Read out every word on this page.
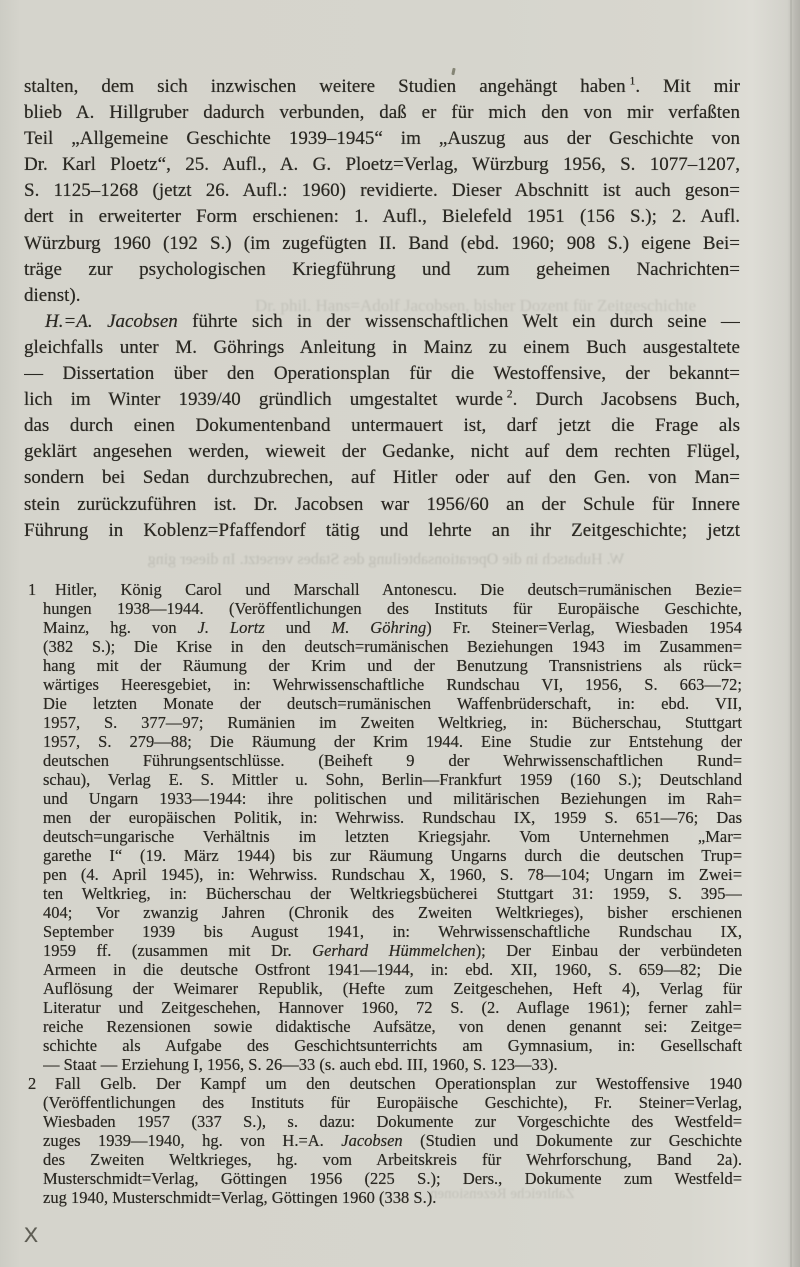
Dr. phil. Hans=Adolf Jacobsen, bisher Dozent für Zeitgeschichte
W. Hubatsch in die Operationsabteilung des Stabes versetzt. In dieser ging
Zahlreiche Rezensionen
stalten, dem sich inzwischen weitere Studien angehängt haben $^1$. Mit mir
blieb A. Hillgruber dadurch verbunden, daß er für mich den von mir verfaßten
Teil „Allgemeine Geschichte 1939–1945“ im „Auszug aus der Geschichte von
Dr. Karl Ploetz“, 25. Aufl., A. G. Ploetz=Verlag, Würzburg 1956, S. 1077–1207,
S. 1125–1268 (jetzt 26. Aufl.: 1960) revidierte. Dieser Abschnitt ist auch geson=
dert in erweiterter Form erschienen: 1. Aufl., Bielefeld 1951 (156 S.); 2. Aufl.
Würzburg 1960 (192 S.) (im zugefügten II. Band (ebd. 1960; 908 S.) eigene Bei=
träge zur psychologischen Kriegführung und zum geheimen Nachrichten=
dienst).
H.=A. Jacobsen führte sich in der wissenschaftlichen Welt ein durch seine —
gleichfalls unter M. Göhrings Anleitung in Mainz zu einem Buch ausgestaltete
— Dissertation über den Operationsplan für die Westoffensive, der bekannt=
lich im Winter 1939/40 gründlich umgestaltet wurde $^2$. Durch Jacobsens Buch,
das durch einen Dokumentenband untermauert ist, darf jetzt die Frage als
geklärt angesehen werden, wieweit der Gedanke, nicht auf dem rechten Flügel,
sondern bei Sedan durchzubrechen, auf Hitler oder auf den Gen. von Man=
stein zurückzuführen ist. Dr. Jacobsen war 1956/60 an der Schule für Innere
Führung in Koblenz=Pfaffendorf tätig und lehrte an ihr Zeitgeschichte; jetzt
1	Hitler, König Carol und Marschall Antonescu. Die deutsch=rumänischen Bezie=
hungen 1938—1944. (Veröffentlichungen des Instituts für Europäische Geschichte,
Mainz, hg. von J. Lortz und M. Göhring) Fr. Steiner=Verlag, Wiesbaden 1954
(382 S.); Die Krise in den deutsch=rumänischen Beziehungen 1943 im Zusammen=
hang mit der Räumung der Krim und der Benutzung Transnistriens als rück=
wärtiges Heeresgebiet, in: Wehrwissenschaftliche Rundschau VI, 1956, S. 663—72;
Die letzten Monate der deutsch=rumänischen Waffenbrüderschaft, in: ebd. VII,
1957, S. 377—97; Rumänien im Zweiten Weltkrieg, in: Bücherschau, Stuttgart
1957, S. 279—88; Die Räumung der Krim 1944. Eine Studie zur Entstehung der
deutschen Führungsentschlüsse. (Beiheft 9 der Wehrwissenschaftlichen Rund=
schau), Verlag E. S. Mittler u. Sohn, Berlin—Frankfurt 1959 (160 S.); Deutschland
und Ungarn 1933—1944: ihre politischen und militärischen Beziehungen im Rah=
men der europäischen Politik, in: Wehrwiss. Rundschau IX, 1959 S. 651—76; Das
deutsch=ungarische Verhältnis im letzten Kriegsjahr. Vom Unternehmen „Mar=
garethe I“ (19. März 1944) bis zur Räumung Ungarns durch die deutschen Trup=
pen (4. April 1945), in: Wehrwiss. Rundschau X, 1960, S. 78—104; Ungarn im Zwei=
ten Weltkrieg, in: Bücherschau der Weltkriegsbücherei Stuttgart 31: 1959, S. 395—
404; Vor zwanzig Jahren (Chronik des Zweiten Weltkrieges), bisher erschienen
September 1939 bis August 1941, in: Wehrwissenschaftliche Rundschau IX,
1959 ff. (zusammen mit Dr. Gerhard Hümmelchen); Der Einbau der verbündeten
Armeen in die deutsche Ostfront 1941—1944, in: ebd. XII, 1960, S. 659—82; Die
Auflösung der Weimarer Republik, (Hefte zum Zeitgeschehen, Heft 4), Verlag für
Literatur und Zeitgeschehen, Hannover 1960, 72 S. (2. Auflage 1961); ferner zahl=
reiche Rezensionen sowie didaktische Aufsätze, von denen genannt sei: Zeitge=
schichte als Aufgabe des Geschichtsunterrichts am Gymnasium, in: Gesellschaft
— Staat — Erziehung I, 1956, S. 26—33 (s. auch ebd. III, 1960, S. 123—33).
2	Fall Gelb. Der Kampf um den deutschen Operationsplan zur Westoffensive 1940
(Veröffentlichungen des Instituts für Europäische Geschichte), Fr. Steiner=Verlag,
Wiesbaden 1957 (337 S.), s. dazu: Dokumente zur Vorgeschichte des Westfeld=
zuges 1939—1940, hg. von H.=A. Jacobsen (Studien und Dokumente zur Geschichte
des Zweiten Weltkrieges, hg. vom Arbeitskreis für Wehrforschung, Band 2a).
Musterschmidt=Verlag, Göttingen 1956 (225 S.); Ders., Dokumente zum Westfeld=
zug 1940, Musterschmidt=Verlag, Göttingen 1960 (338 S.).
X
